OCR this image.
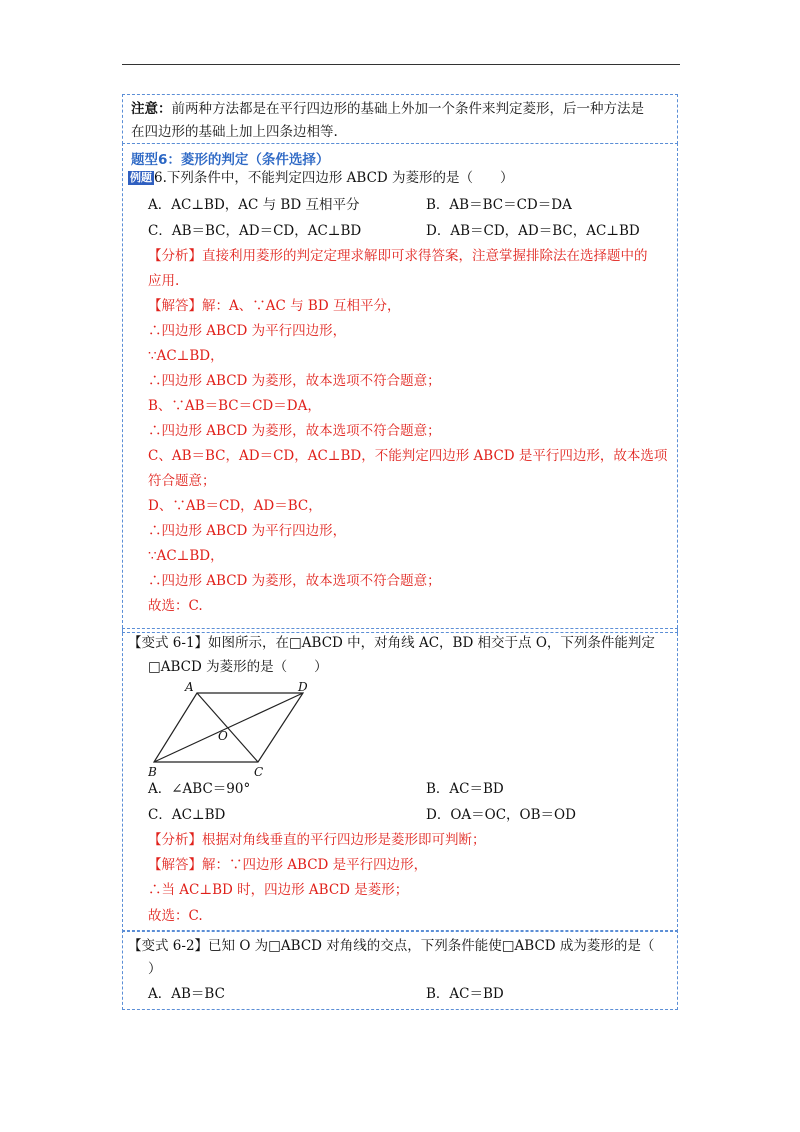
注意：前两种方法都是在平行四边形的基础上外加一个条件来判定菱形，后一种方法是
在四边形的基础上加上四条边相等.
题型6：菱形的判定（条件选择）
例题 6.下列条件中，不能判定四边形 ABCD 为菱形的是（　　）
A．AC⊥BD，AC 与 BD 互相平分	B．AB＝BC＝CD＝DA
C．AB＝BC，AD＝CD，AC⊥BD	D．AB＝CD，AD＝BC，AC⊥BD
【分析】直接利用菱形的判定定理求解即可求得答案，注意掌握排除法在选择题中的
应用.
【解答】解：A、∵AC 与 BD 互相平分，
∴四边形 ABCD 为平行四边形，
∵AC⊥BD，
∴四边形 ABCD 为菱形，故本选项不符合题意；
B、∵AB＝BC＝CD＝DA，
∴四边形 ABCD 为菱形，故本选项不符合题意；
C、AB＝BC，AD＝CD，AC⊥BD，不能判定四边形 ABCD 是平行四边形，故本选项
符合题意；
D、∵AB＝CD，AD＝BC，
∴四边形 ABCD 为平行四边形，
∵AC⊥BD，
∴四边形 ABCD 为菱形，故本选项不符合题意；
故选：C.
【变式 6-1】如图所示，在□ABCD 中，对角线 AC，BD 相交于点 O，下列条件能判定
□ABCD 为菱形的是（　　）
A	D
O
B	C
A．∠ABC＝90°	B．AC＝BD
C．AC⊥BD	D．OA＝OC，OB＝OD
【分析】根据对角线垂直的平行四边形是菱形即可判断；
【解答】解：∵四边形 ABCD 是平行四边形，
∴当 AC⊥BD 时，四边形 ABCD 是菱形；
故选：C.
【变式 6-2】已知 O 为□ABCD 对角线的交点，下列条件能使□ABCD 成为菱形的是（
）
A．AB＝BC	B．AC＝BD
